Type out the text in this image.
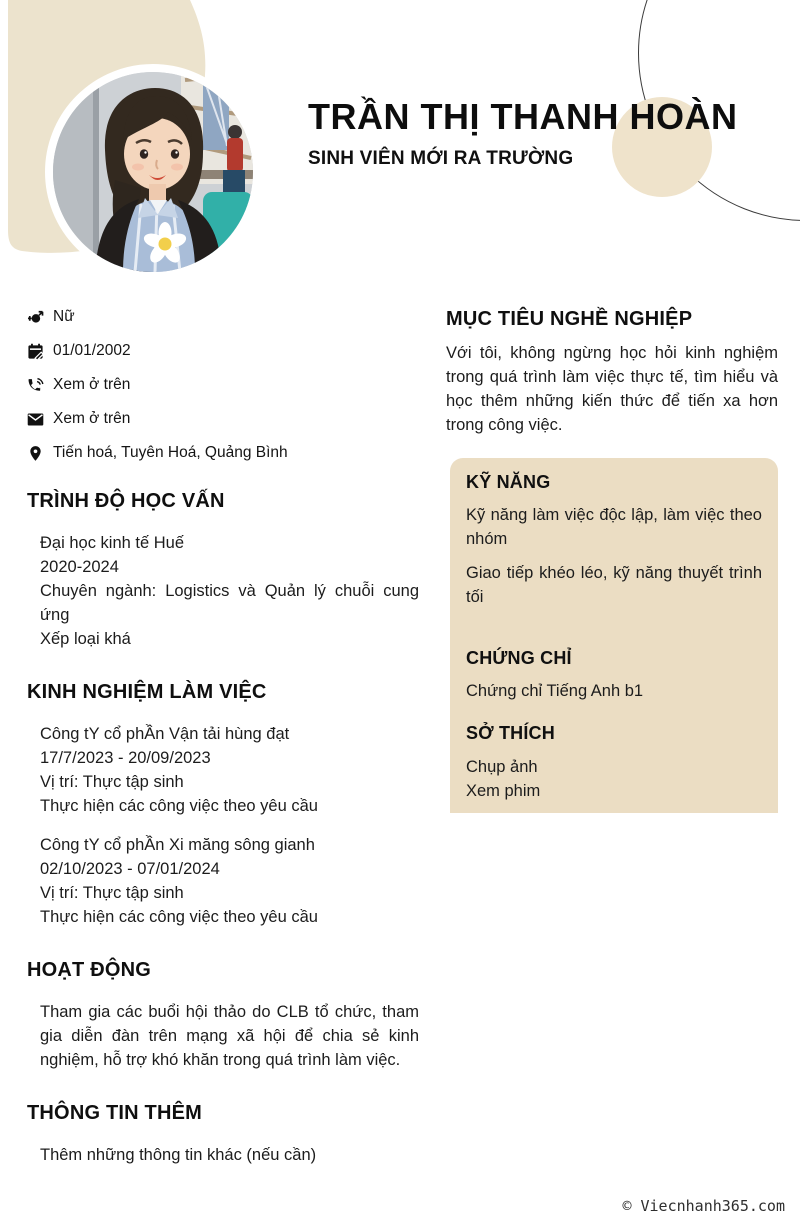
TRẦN THỊ THANH HOÀN
SINH VIÊN MỚI RA TRƯỜNG
Nữ
01/01/2002
Xem ở trên
Xem ở trên
Tiến hoá, Tuyên Hoá, Quảng Bình
TRÌNH ĐỘ HỌC VẤN
Đại học kinh tế Huế
2020-2024
Chuyên ngành: Logistics và Quản lý chuỗi cung ứng
Xếp loại khá
KINH NGHIỆM LÀM VIỆC
Công tY cổ phẦn Vận tải hùng đạt
17/7/2023 - 20/09/2023
Vị trí: Thực tập sinh
Thực hiện các công việc theo yêu cầu
Công tY cổ phẦn Xi măng sông gianh
02/10/2023 - 07/01/2024
Vị trí: Thực tập sinh
Thực hiện các công việc theo yêu cầu
HOẠT ĐỘNG
Tham gia các buổi hội thảo do CLB tổ chức, tham gia diễn đàn trên mạng xã hội để chia sẻ kinh nghiệm, hỗ trợ khó khăn trong quá trình làm việc.
THÔNG TIN THÊM
Thêm những thông tin khác (nếu cần)
MỤC TIÊU NGHỀ NGHIỆP

Với tôi, không ngừng học hỏi kinh nghiệm trong quá trình làm việc thực tế, tìm hiểu và học thêm những kiến thức để tiến xa hơn trong công việc.

KỸ NĂNG

Kỹ năng làm việc độc lập, làm việc theo nhóm

Giao tiếp khéo léo, kỹ năng thuyết trình tối

CHỨNG CHỈ

Chứng chỉ Tiếng Anh b1

SỞ THÍCH

Chụp ảnh
Xem phim

© Viecnhanh365.com
